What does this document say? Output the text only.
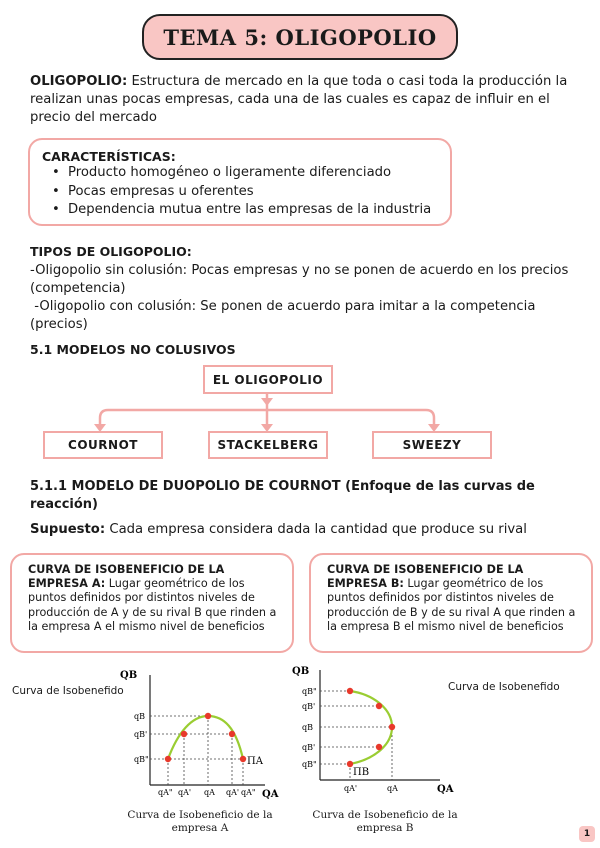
TEMA 5: OLIGOPOLIO
OLIGOPOLIO: Estructura de mercado en la que toda o casi toda la producción la
realizan unas pocas empresas, cada una de las cuales es capaz de influir en el
precio del mercado
CARACTERÍSTICAS:
• Producto homogéneo o ligeramente diferenciado
• Pocas empresas u oferentes
• Dependencia mutua entre las empresas de la industria
TIPOS DE OLIGOPOLIO:
-Oligopolio sin colusión: Pocas empresas y no se ponen de acuerdo en los precios
(competencia)
-Oligopolio con colusión: Se ponen de acuerdo para imitar a la competencia
(precios)
5.1 MODELOS NO COLUSIVOS
EL OLIGOPOLIO
COURNOT	STACKELBERG	SWEEZY
5.1.1 MODELO DE DUOPOLIO DE COURNOT (Enfoque de las curvas de
reacción)
Supuesto: Cada empresa considera dada la cantidad que produce su rival
CURVA DE ISOBENEFICIO DE LA
EMPRESA A: Lugar geométrico de los
puntos definidos por distintos niveles de
producción de A y de su rival B que rinden a
la empresa A el mismo nivel de beneficios
CURVA DE ISOBENEFICIO DE LA
EMPRESA B: Lugar geométrico de los
puntos definidos por distintos niveles de
producción de B y de su rival A que rinden a
la empresa B el mismo nivel de beneficios
QB
QA
ΠA
qB
qB'
qB"
qA" qA' qA qA' qA"
QB
QA
ΠB
qB"
qB'
qB
qB'
qB"
qA'	qA
Curva de Isobenefido	Curva de Isobenefido
Curva de Isobeneficio de la
empresa A
Curva de Isobeneficio de la
empresa B	1
